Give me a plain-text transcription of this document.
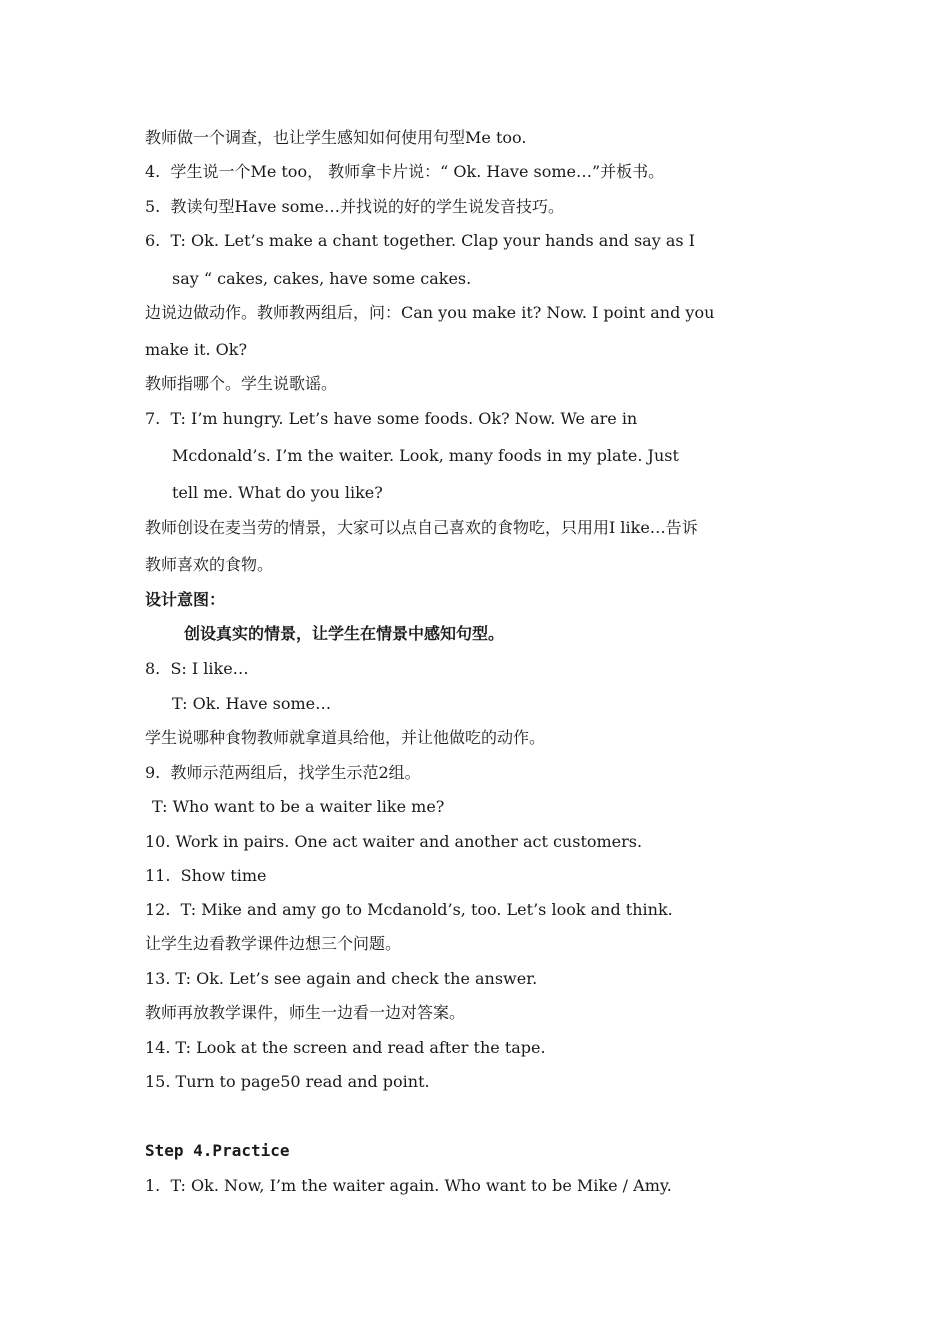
教师做一个调查，也让学生感知如何使用句型Me too.
4.  学生说一个Me too， 教师拿卡片说：“ Ok. Have some…”并板书。
5.  教读句型Have some…并找说的好的学生说发音技巧。
6.  T: Ok. Let’s make a chant together. Clap your hands and say as I
say “ cakes, cakes, have some cakes.
边说边做动作。教师教两组后，问：Can you make it? Now. I point and you
make it. Ok?
教师指哪个。学生说歌谣。
7.  T: I’m hungry. Let’s have some foods. Ok? Now. We are in
Mcdonald’s. I’m the waiter. Look, many foods in my plate. Just
tell me. What do you like?
教师创设在麦当劳的情景，大家可以点自己喜欢的食物吃，只用用I like…告诉
教师喜欢的食物。
设计意图：
创设真实的情景，让学生在情景中感知句型。
8.  S: I like…
T: Ok. Have some…
学生说哪种食物教师就拿道具给他，并让他做吃的动作。
9.  教师示范两组后，找学生示范2组。
T: Who want to be a waiter like me?
10. Work in pairs. One act waiter and another act customers.
11.  Show time
12.  T: Mike and amy go to Mcdanold’s, too. Let’s look and think.
让学生边看教学课件边想三个问题。
13. T: Ok. Let’s see again and check the answer.
教师再放教学课件，师生一边看一边对答案。
14. T: Look at the screen and read after the tape.
15. Turn to page50 read and point.
Step 4.Practice
1.  T: Ok. Now, I’m the waiter again. Who want to be Mike / Amy.
